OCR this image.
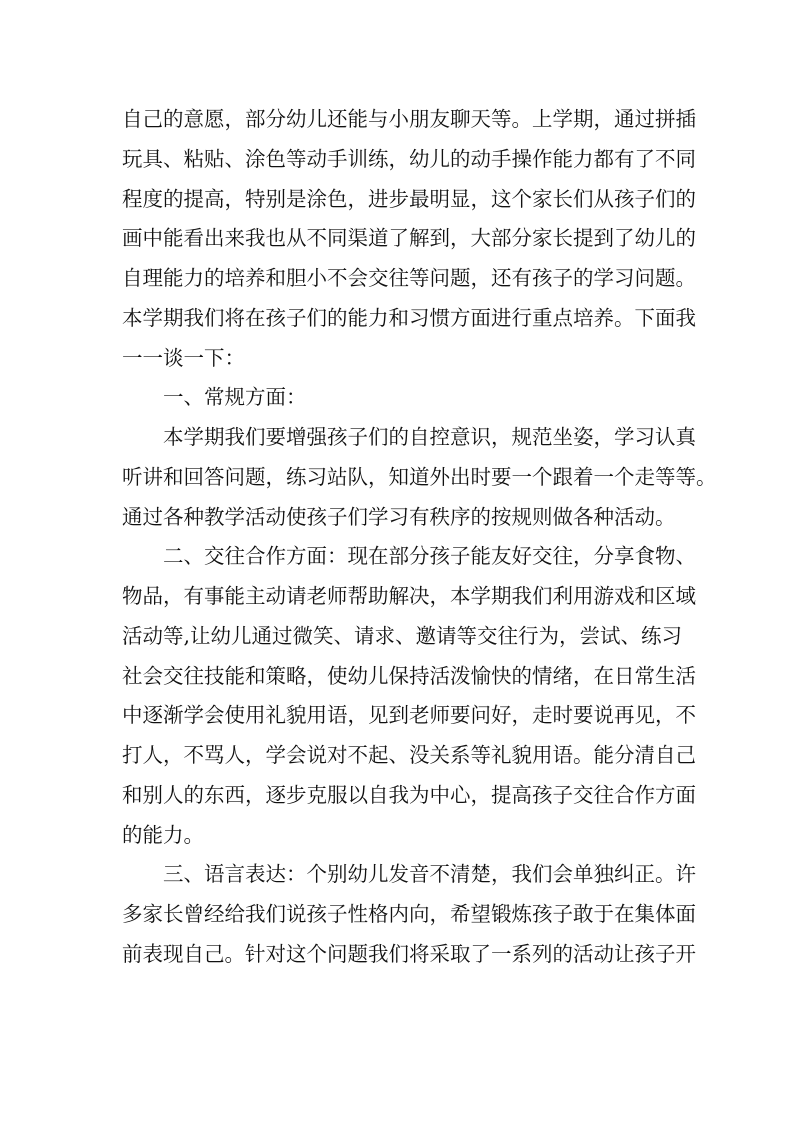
自己的意愿，部分幼儿还能与小朋友聊天等。上学期，通过拼插
玩具、粘贴、涂色等动手训练，幼儿的动手操作能力都有了不同
程度的提高，特别是涂色，进步最明显，这个家长们从孩子们的
画中能看出来我也从不同渠道了解到，大部分家长提到了幼儿的
自理能力的培养和胆小不会交往等问题，还有孩子的学习问题。
本学期我们将在孩子们的能力和习惯方面进行重点培养。下面我
一一谈一下：
一、常规方面：
本学期我们要增强孩子们的自控意识，规范坐姿，学习认真
听讲和回答问题，练习站队，知道外出时要一个跟着一个走等等。
通过各种教学活动使孩子们学习有秩序的按规则做各种活动。
二、交往合作方面：现在部分孩子能友好交往，分享食物、
物品，有事能主动请老师帮助解决，本学期我们利用游戏和区域
活动等,让幼儿通过微笑、请求、邀请等交往行为，尝试、练习
社会交往技能和策略，使幼儿保持活泼愉快的情绪，在日常生活
中逐渐学会使用礼貌用语，见到老师要问好，走时要说再见，不
打人，不骂人，学会说对不起、没关系等礼貌用语。能分清自己
和别人的东西，逐步克服以自我为中心，提高孩子交往合作方面
的能力。
三、语言表达：个别幼儿发音不清楚，我们会单独纠正。许
多家长曾经给我们说孩子性格内向，希望锻炼孩子敢于在集体面
前表现自己。针对这个问题我们将采取了一系列的活动让孩子开
